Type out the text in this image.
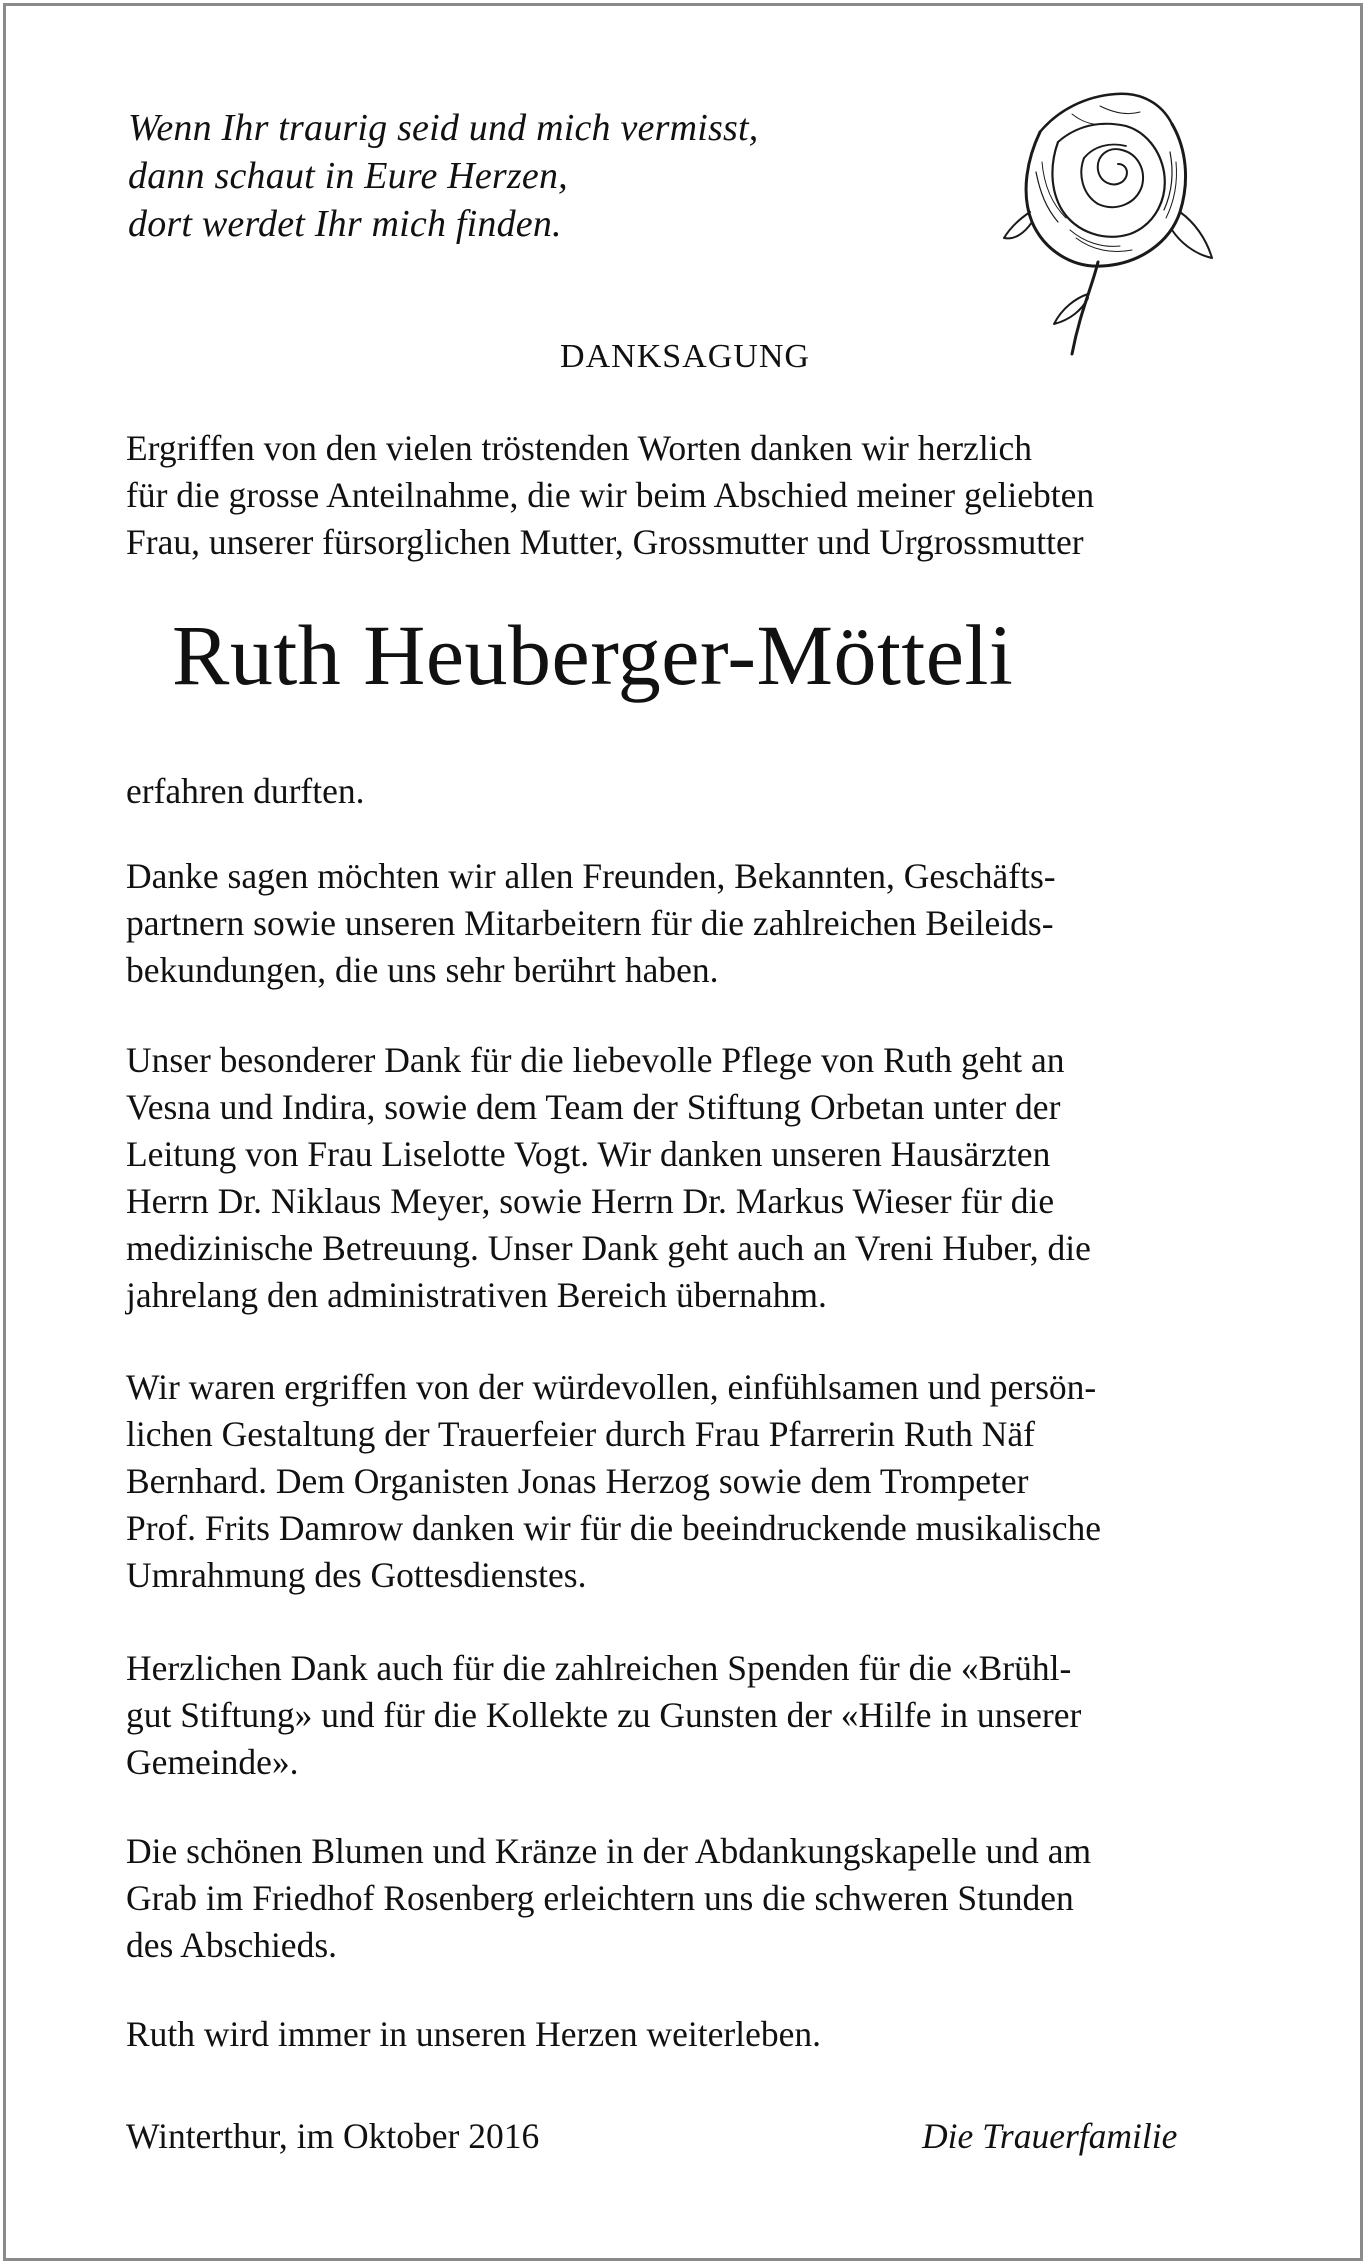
Wenn Ihr traurig seid und mich vermisst,
dann schaut in Eure Herzen,
dort werdet Ihr mich finden.
DANKSAGUNG
Ergriffen von den vielen tröstenden Worten danken wir herzlich
für die grosse Anteilnahme, die wir beim Abschied meiner geliebten
Frau, unserer fürsorglichen Mutter, Grossmutter und Urgrossmutter
Ruth Heuberger-Mötteli
erfahren durften.
Danke sagen möchten wir allen Freunden, Bekannten, Geschäfts-
partnern sowie unseren Mitarbeitern für die zahlreichen Beileids-
bekundungen, die uns sehr berührt haben.
Unser besonderer Dank für die liebevolle Pflege von Ruth geht an
Vesna und Indira, sowie dem Team der Stiftung Orbetan unter der
Leitung von Frau Liselotte Vogt. Wir danken unseren Hausärzten
Herrn Dr. Niklaus Meyer, sowie Herrn Dr. Markus Wieser für die
medizinische Betreuung. Unser Dank geht auch an Vreni Huber, die
jahrelang den administrativen Bereich übernahm.
Wir waren ergriffen von der würdevollen, einfühlsamen und persön-
lichen Gestaltung der Trauerfeier durch Frau Pfarrerin Ruth Näf
Bernhard. Dem Organisten Jonas Herzog sowie dem Trompeter
Prof. Frits Damrow danken wir für die beeindruckende musikalische
Umrahmung des Gottesdienstes.
Herzlichen Dank auch für die zahlreichen Spenden für die «Brühl-
gut Stiftung» und für die Kollekte zu Gunsten der «Hilfe in unserer
Gemeinde».
Die schönen Blumen und Kränze in der Abdankungskapelle und am
Grab im Friedhof Rosenberg erleichtern uns die schweren Stunden
des Abschieds.
Ruth wird immer in unseren Herzen weiterleben.
Winterthur, im Oktober 2016	Die Trauerfamilie
